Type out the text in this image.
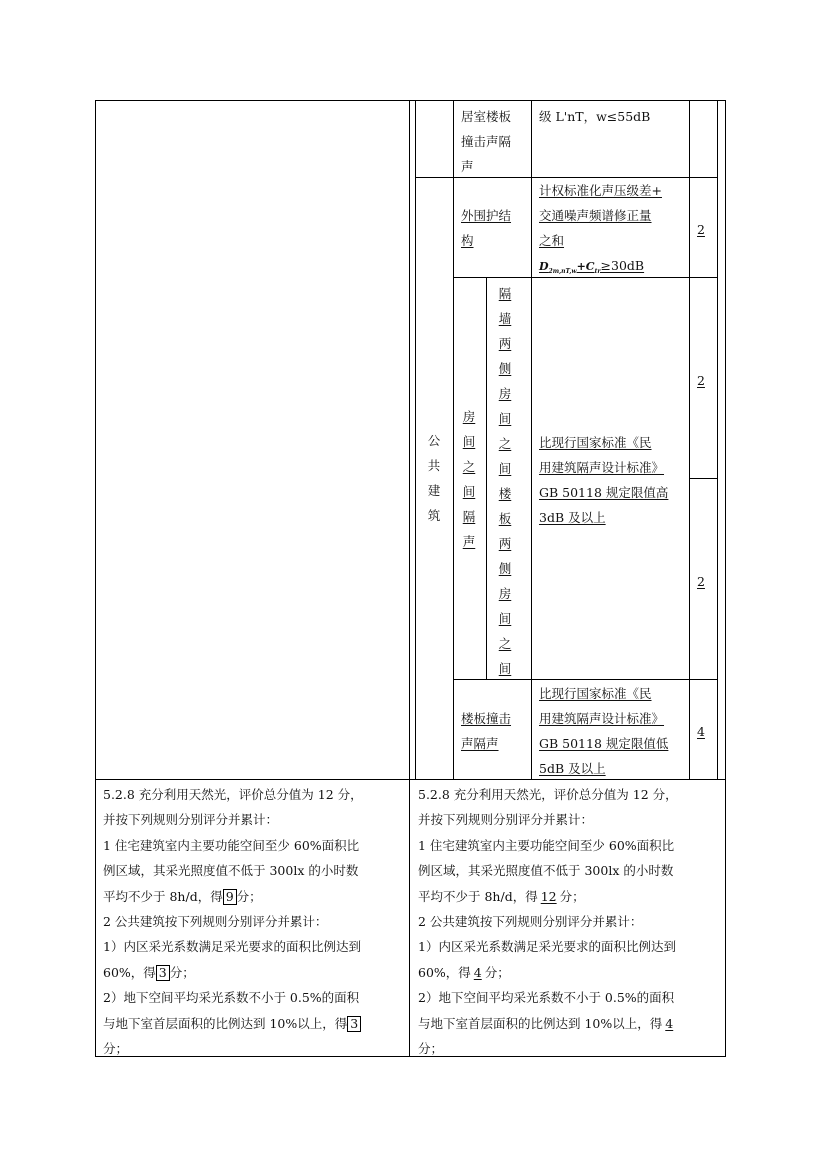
居室楼板
撞击声隔
声
级 L'nT，w≤55dB
公共建筑
外围护结
构
计权标准化声压级差+
交通噪声频谱修正量
之和
$D_{2m,nT,w}+C_{tr}\ge 30dB$
2
房间之间隔声
隔墙两侧房间之间
楼板两侧房间之间
比现行国家标准《民
用建筑隔声设计标准》
GB 50118 规定限值高
3dB 及以上
2
2
楼板撞击
声隔声
比现行国家标准《民
用建筑隔声设计标准》
GB 50118 规定限值低
5dB 及以上
4
5.2.8 充分利用天然光，评价总分值为 12 分，
并按下列规则分别评分并累计：
1 住宅建筑室内主要功能空间至少 60%面积比
例区域，其采光照度值不低于 300lx 的小时数
平均不少于 8h/d，得 9 分；
2 公共建筑按下列规则分别评分并累计：
1）内区采光系数满足采光要求的面积比例达到
60%，得 3 分；
2）地下空间平均采光系数不小于 0.5%的面积
与地下室首层面积的比例达到 10%以上，得 3
分；
5.2.8 充分利用天然光，评价总分值为 12 分，
并按下列规则分别评分并累计：
1 住宅建筑室内主要功能空间至少 60%面积比
例区域，其采光照度值不低于 300lx 的小时数
平均不少于 8h/d，得 12 分；
2 公共建筑按下列规则分别评分并累计：
1）内区采光系数满足采光要求的面积比例达到
60%，得 4 分；
2）地下空间平均采光系数不小于 0.5%的面积
与地下室首层面积的比例达到 10%以上，得 4
分；
